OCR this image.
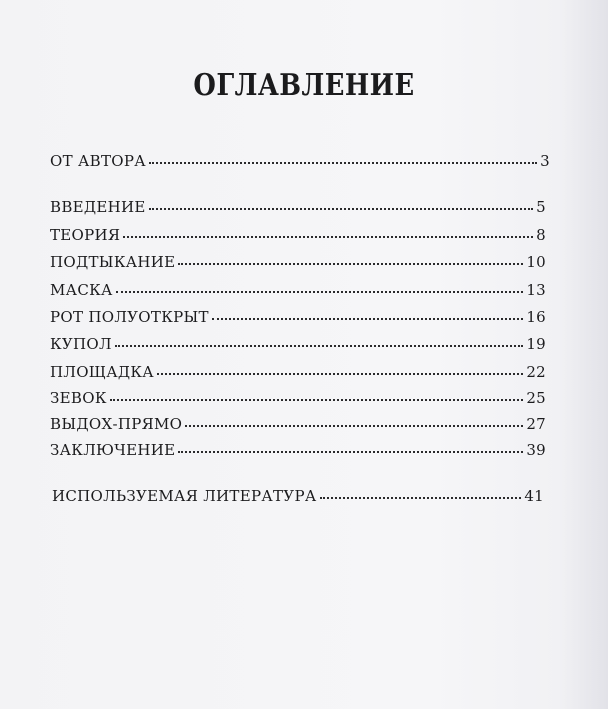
ОГЛАВЛЕНИЕ
ОТ АВТОРА	3
ВВЕДЕНИЕ	5
ТЕОРИЯ	8
ПОДТЫКАНИЕ	10
МАСКА	13
РОТ ПОЛУОТКРЫТ	16
КУПОЛ	19
ПЛОЩАДКА	22
ЗЕВОК	25
ВЫДОХ-ПРЯМО	27
ЗАКЛЮЧЕНИЕ	39
ИСПОЛЬЗУЕМАЯ ЛИТЕРАТУРА	41
